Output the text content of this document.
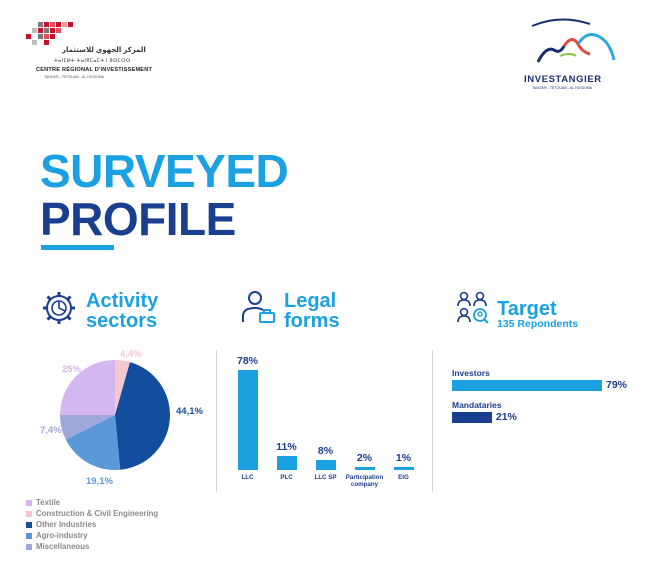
المركز الجهوي للاستثمار
ⵜⴰⵏⵎⵍⵜ ⵜⴰⵏⴳⵎⴰⵎⵜ ⵏ ⵓⵙⵎⵔⵙ
CENTRE RÉGIONAL D'INVESTISSEMENT
TANGER - TÉTOUAN - AL HOCEIMA	INVESTANGIER
TANGER - TÉTOUAN - AL HOCEIMA
SURVEYED
PROFILE
Activity
sectors
Legal
forms
Target
135 Repondents
25%
4,4%
44,1%
19,1%
7,4%
Textile
Construction & Civil Engineering
Other Industries
Agro-industry
Miscellaneous
78%
LLC
11%
PLC
8%
LLC SP
2%
Participation company
1%
EIG
Investors
79%
Mandataries
21%
